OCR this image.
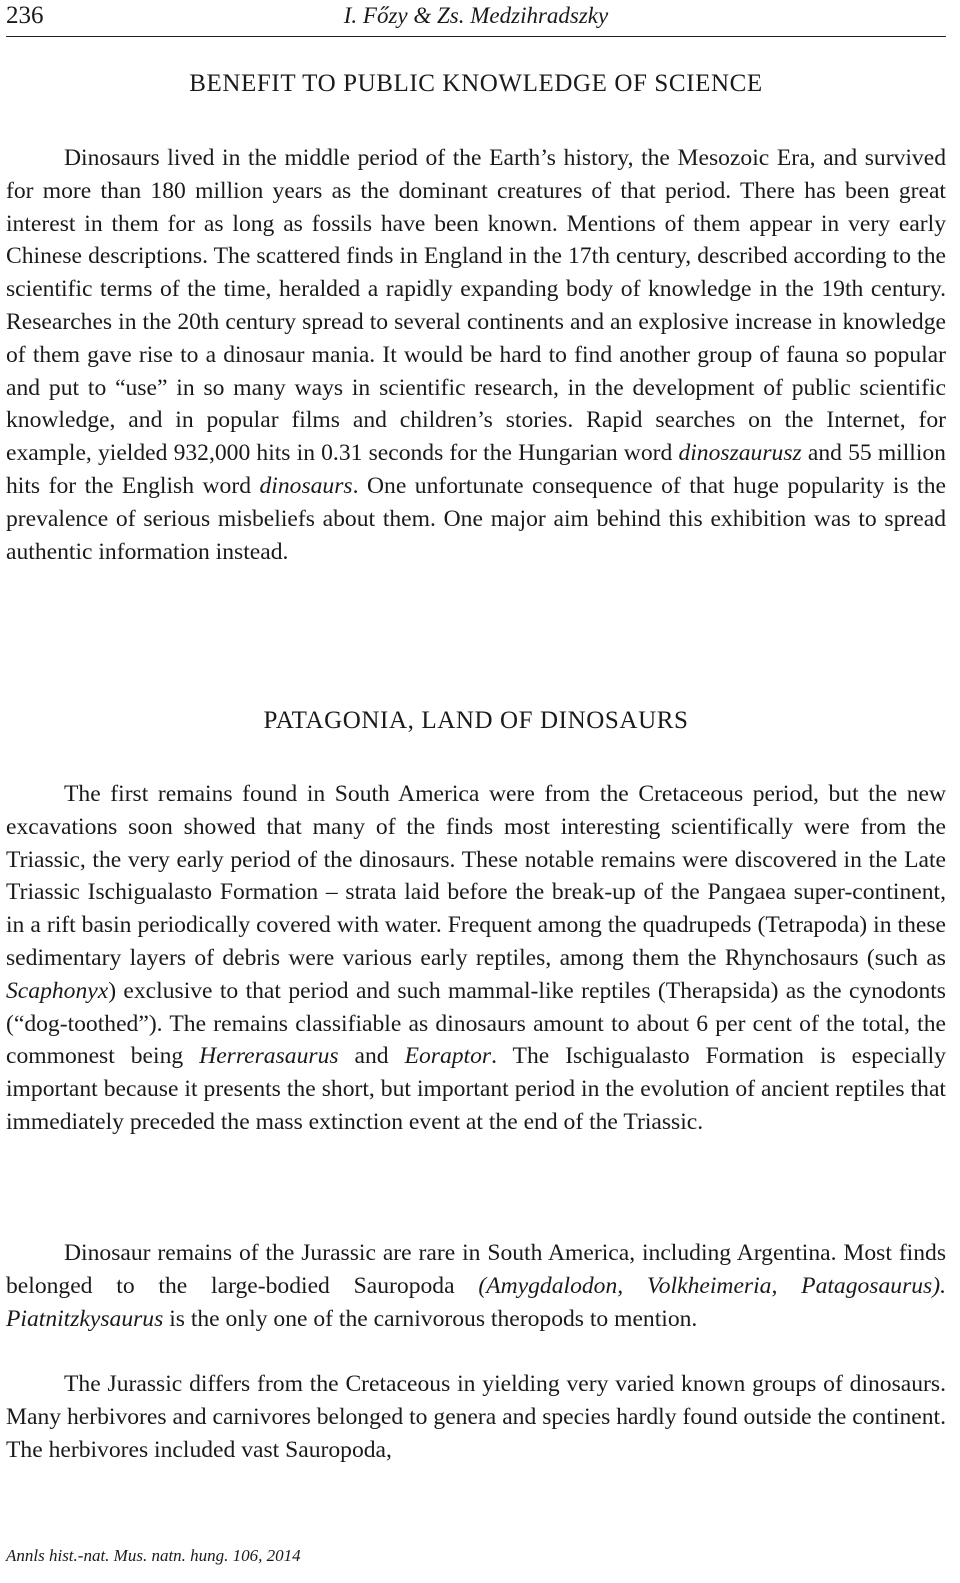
236	I. Főzy & Zs. Medzihradszky
BENEFIT TO PUBLIC KNOWLEDGE OF SCIENCE

Dinosaurs lived in the middle period of the Earth’s history, the Mesozoic Era, and survived for more than 180 million years as the dominant creatures of that period. There has been great interest in them for as long as fossils have been known. Mentions of them appear in very early Chinese descriptions. The scattered finds in England in the 17th century, described according to the scientific terms of the time, heralded a rapidly expanding body of knowledge in the 19th century. Researches in the 20th century spread to several continents and an explosive increase in knowledge of them gave rise to a dinosaur mania. It would be hard to find another group of fauna so popular and put to “use” in so many ways in scientific research, in the development of public scientific knowledge, and in popular films and children’s stories. Rapid searches on the Internet, for example, yielded 932,000 hits in 0.31 seconds for the Hungarian word dinoszaurusz and 55 million hits for the English word dinosaurs. One unfortunate consequence of that huge popularity is the prevalence of serious misbeliefs about them. One major aim behind this exhibition was to spread authentic information instead.

PATAGONIA, LAND OF DINOSAURS

The first remains found in South America were from the Cretaceous period, but the new excavations soon showed that many of the finds most interesting scientifically were from the Triassic, the very early period of the dinosaurs. These notable remains were discovered in the Late Triassic Ischigualasto Formation – strata laid before the break-up of the Pangaea super-continent, in a rift basin periodically covered with water. Frequent among the quadrupeds (Tetrapoda) in these sedimentary layers of debris were various early reptiles, among them the Rhynchosaurs (such as Scaphonyx) exclusive to that period and such mammal-like reptiles (Therapsida) as the cynodonts (“dog-toothed”). The remains classifiable as dinosaurs amount to about 6 per cent of the total, the commonest being Herrerasaurus and Eoraptor. The Ischigualasto Formation is especially important because it presents the short, but important period in the evolution of ancient reptiles that immediately preceded the mass extinction event at the end of the Triassic.

Dinosaur remains of the Jurassic are rare in South America, including Argentina. Most finds belonged to the large-bodied Sauropoda (Amygdalodon, Volkheimeria, Patagosaurus). Piatnitzkysaurus is the only one of the carnivorous theropods to mention.

The Jurassic differs from the Cretaceous in yielding very varied known groups of dinosaurs. Many herbivores and carnivores belonged to genera and species hardly found outside the continent. The herbivores included vast Sauropoda,

Annls hist.-nat. Mus. natn. hung. 106, 2014
